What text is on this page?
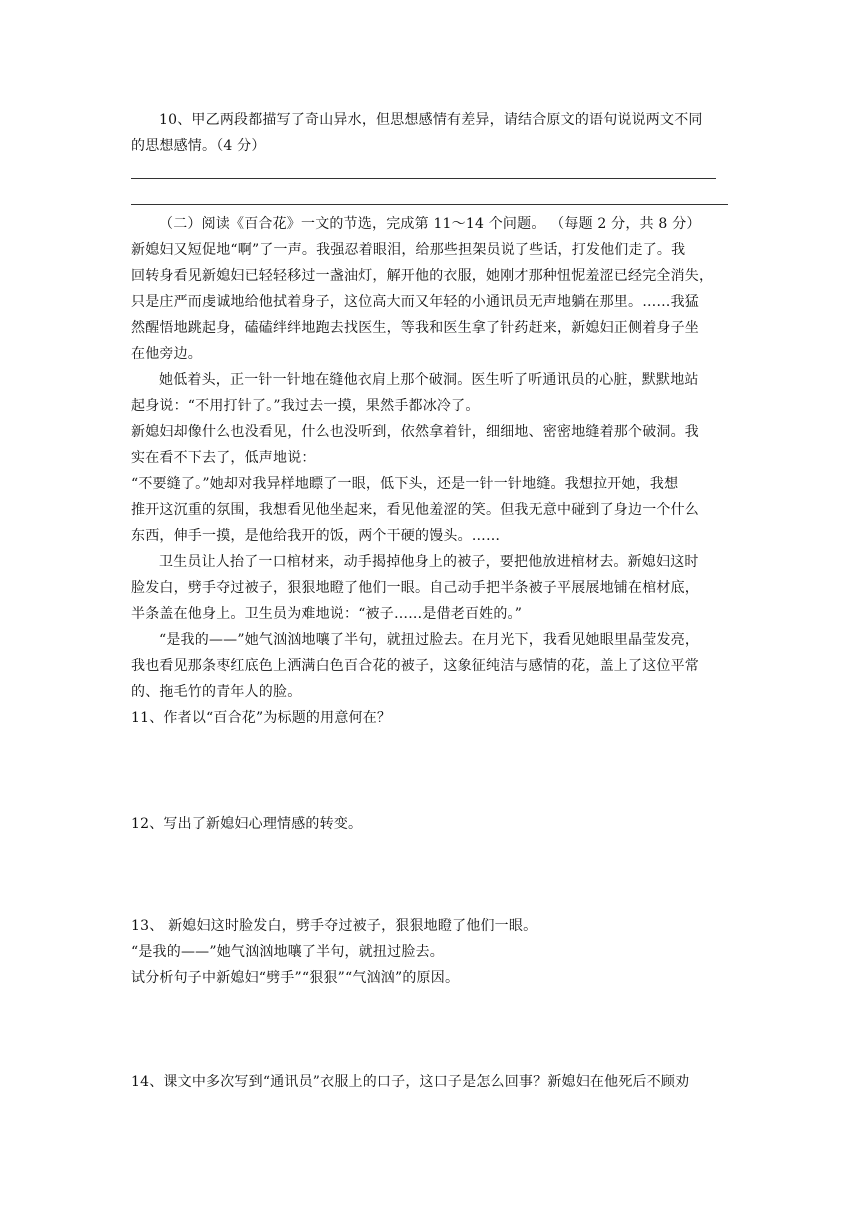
10、甲乙两段都描写了奇山异水，但思想感情有差异，请结合原文的语句说说两文不同
的思想感情。（4 分）
（二）阅读《百合花》一文的节选，完成第 11～14 个问题。 （每题 2 分，共 8 分）
新媳妇又短促地“啊”了一声。我强忍着眼泪，给那些担架员说了些话，打发他们走了。我
回转身看见新媳妇已轻轻移过一盏油灯，解开他的衣服，她刚才那种忸怩羞涩已经完全消失，
只是庄严而虔诚地给他拭着身子，这位高大而又年轻的小通讯员无声地躺在那里。……我猛
然醒悟地跳起身，磕磕绊绊地跑去找医生，等我和医生拿了针药赶来，新媳妇正侧着身子坐
在他旁边。
她低着头，正一针一针地在缝他衣肩上那个破洞。医生听了听通讯员的心脏，默默地站
起身说：“不用打针了。”我过去一摸，果然手都冰冷了。
新媳妇却像什么也没看见，什么也没听到，依然拿着针，细细地、密密地缝着那个破洞。我
实在看不下去了，低声地说：
“不要缝了。”她却对我异样地瞟了一眼，低下头，还是一针一针地缝。我想拉开她，我想
推开这沉重的氛围，我想看见他坐起来，看见他羞涩的笑。但我无意中碰到了身边一个什么
东西，伸手一摸，是他给我开的饭，两个干硬的馒头。……
卫生员让人抬了一口棺材来，动手揭掉他身上的被子，要把他放进棺材去。新媳妇这时
脸发白，劈手夺过被子，狠狠地瞪了他们一眼。自己动手把半条被子平展展地铺在棺材底，
半条盖在他身上。卫生员为难地说：“被子……是借老百姓的。”
“是我的——”她气汹汹地嚷了半句，就扭过脸去。在月光下，我看见她眼里晶莹发亮，
我也看见那条枣红底色上洒满白色百合花的被子，这象征纯洁与感情的花，盖上了这位平常
的、拖毛竹的青年人的脸。
11、作者以“百合花”为标题的用意何在？
12、写出了新媳妇心理情感的转变。
13、 新媳妇这时脸发白，劈手夺过被子，狠狠地瞪了他们一眼。
“是我的——”她气汹汹地嚷了半句，就扭过脸去。
试分析句子中新媳妇“劈手”“狠狠”“气汹汹”的原因。
14、课文中多次写到“通讯员”衣服上的口子，这口子是怎么回事？新媳妇在他死后不顾劝
